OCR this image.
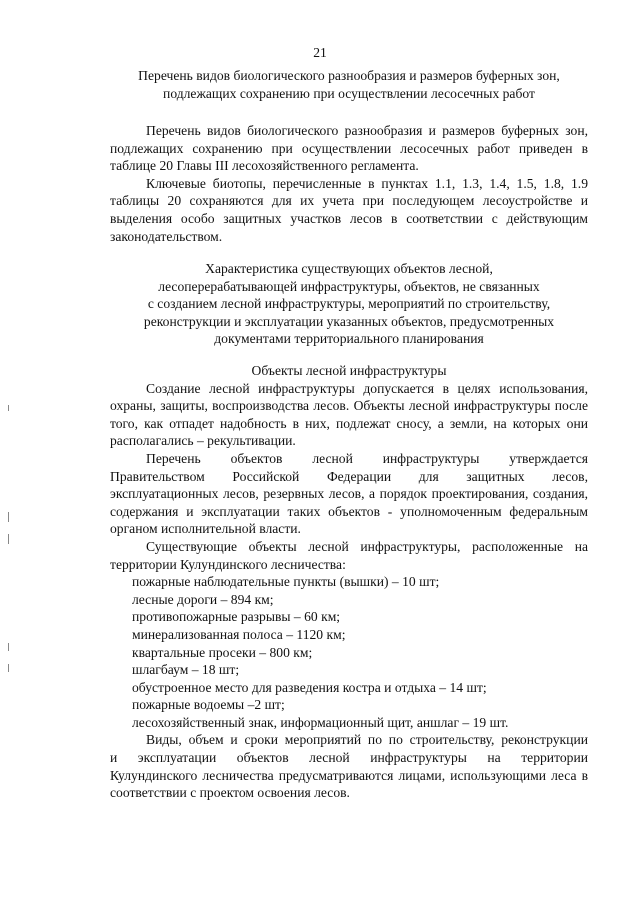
21
Перечень видов биологического разнообразия и размеров буферных зон,
подлежащих сохранению при осуществлении лесосечных работ

Перечень видов биологического разнообразия и размеров буферных зон, подлежащих сохранению при осуществлении лесосечных работ приведен в таблице 20 Главы III лесохозяйственного регламента.

Ключевые биотопы, перечисленные в пунктах 1.1, 1.3, 1.4, 1.5, 1.8, 1.9 таблицы 20 сохраняются для их учета при последующем лесоустройстве и выделения особо защитных участков лесов в соответствии с действующим законодательством.

Характеристика существующих объектов лесной,
лесоперерабатывающей инфраструктуры, объектов, не связанных
с созданием лесной инфраструктуры, мероприятий по строительству,
реконструкции и эксплуатации указанных объектов, предусмотренных
документами территориального планирования
Объекты лесной инфраструктуры

Создание лесной инфраструктуры допускается в целях использования, охраны, защиты, воспроизводства лесов. Объекты лесной инфраструктуры после того, как отпадет надобность в них, подлежат сносу, а земли, на которых они располагались – рекультивации.

Перечень объектов лесной инфраструктуры утверждается
Правительством Российской Федерации для защитных лесов,

эксплуатационных лесов, резервных лесов, а порядок проектирования, создания, содержания и эксплуатации таких объектов - уполномоченным федеральным органом исполнительной власти.

Существующие объекты лесной инфраструктуры, расположенные на территории Кулундинского лесничества:

пожарные наблюдательные пункты (вышки) – 10 шт;
лесные дороги – 894 км;
противопожарные разрывы – 60 км;
минерализованная полоса – 1120 км;
квартальные просеки – 800 км;
шлагбаум – 18 шт;
обустроенное место для разведения костра и отдыха – 14 шт;
пожарные водоемы –2 шт;
лесохозяйственный знак, информационный щит, аншлаг – 19 шт.
Виды, объем и сроки мероприятий по по строительству, реконструкции
и эксплуатации объектов лесной инфраструктуры на территории

Кулундинского лесничества предусматриваются лицами, использующими леса в соответствии с проектом освоения лесов.
